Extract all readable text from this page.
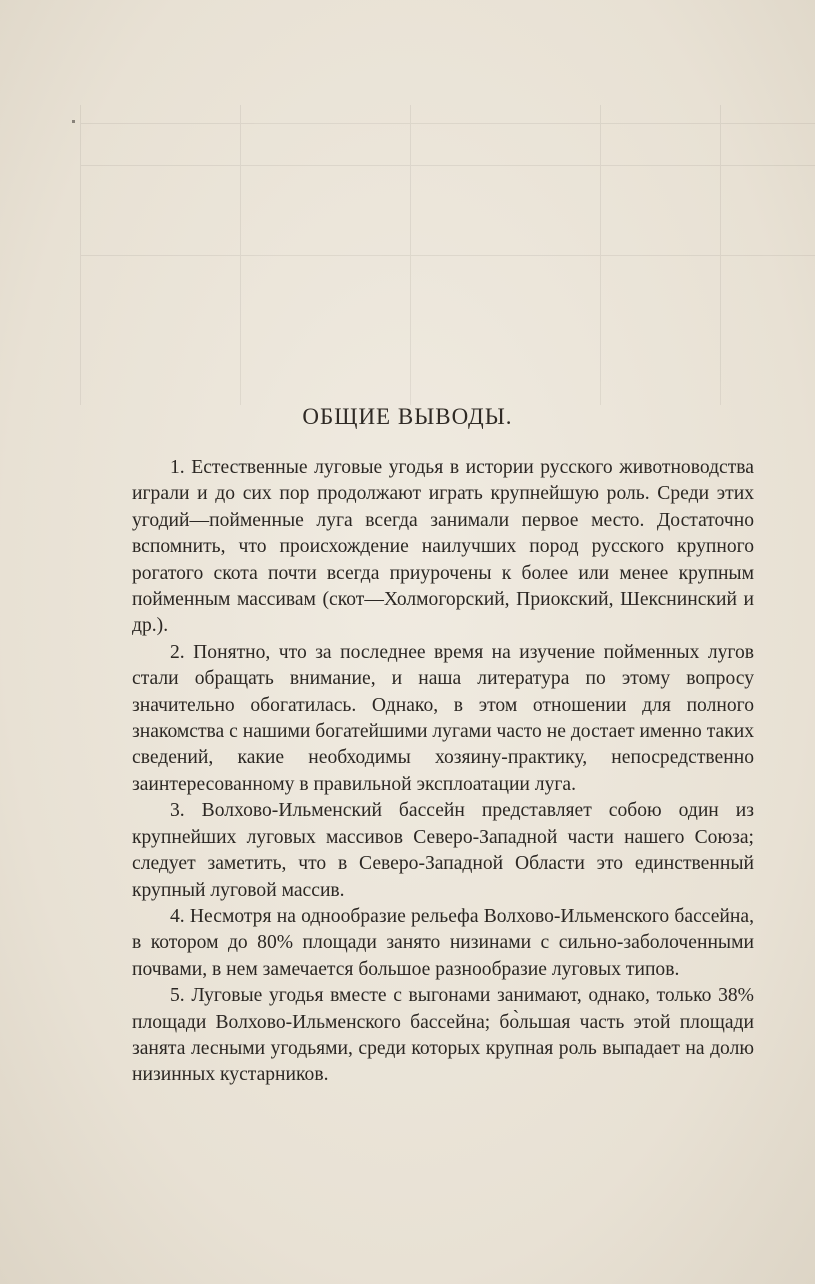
ОБЩИЕ ВЫВОДЫ.

1. Естественные луговые угодья в истории русского животноводства играли и до сих пор продолжают играть крупнейшую роль. Среди этих угодий—пойменные луга всегда занимали первое место. Достаточно вспомнить, что происхождение наилучших пород русского крупного рогатого скота почти всегда приурочены к более или менее крупным пойменным массивам (скот—Холмогорский, Приокский, Шекснинский и др.).

2. Понятно, что за последнее время на изучение пойменных лугов стали обращать внимание, и наша литература по этому вопросу значительно обогатилась. Однако, в этом отношении для полного знакомства с нашими богатейшими лугами часто не достает именно таких сведений, какие необходимы хозяину-практику, непосредственно заинтересованному в правильной эксплоатации луга.

3. Волхово-Ильменский бассейн представляет собою один из крупнейших луговых массивов Северо-Западной части нашего Союза; следует заметить, что в Северо-Западной Области это единственный крупный луговой массив.

4. Несмотря на однообразие рельефа Волхово-Ильменского бассейна, в котором до 80% площади занято низинами с сильно-заболоченными почвами, в нем замечается большое разнообразие луговых типов.

5. Луговые угодья вместе с выгонами занимают, однако, только 38% площади Волхово-Ильменского бассейна; бо̀льшая часть этой площади занята лесными угодьями, среди которых крупная роль выпадает на долю низинных кустарников.
